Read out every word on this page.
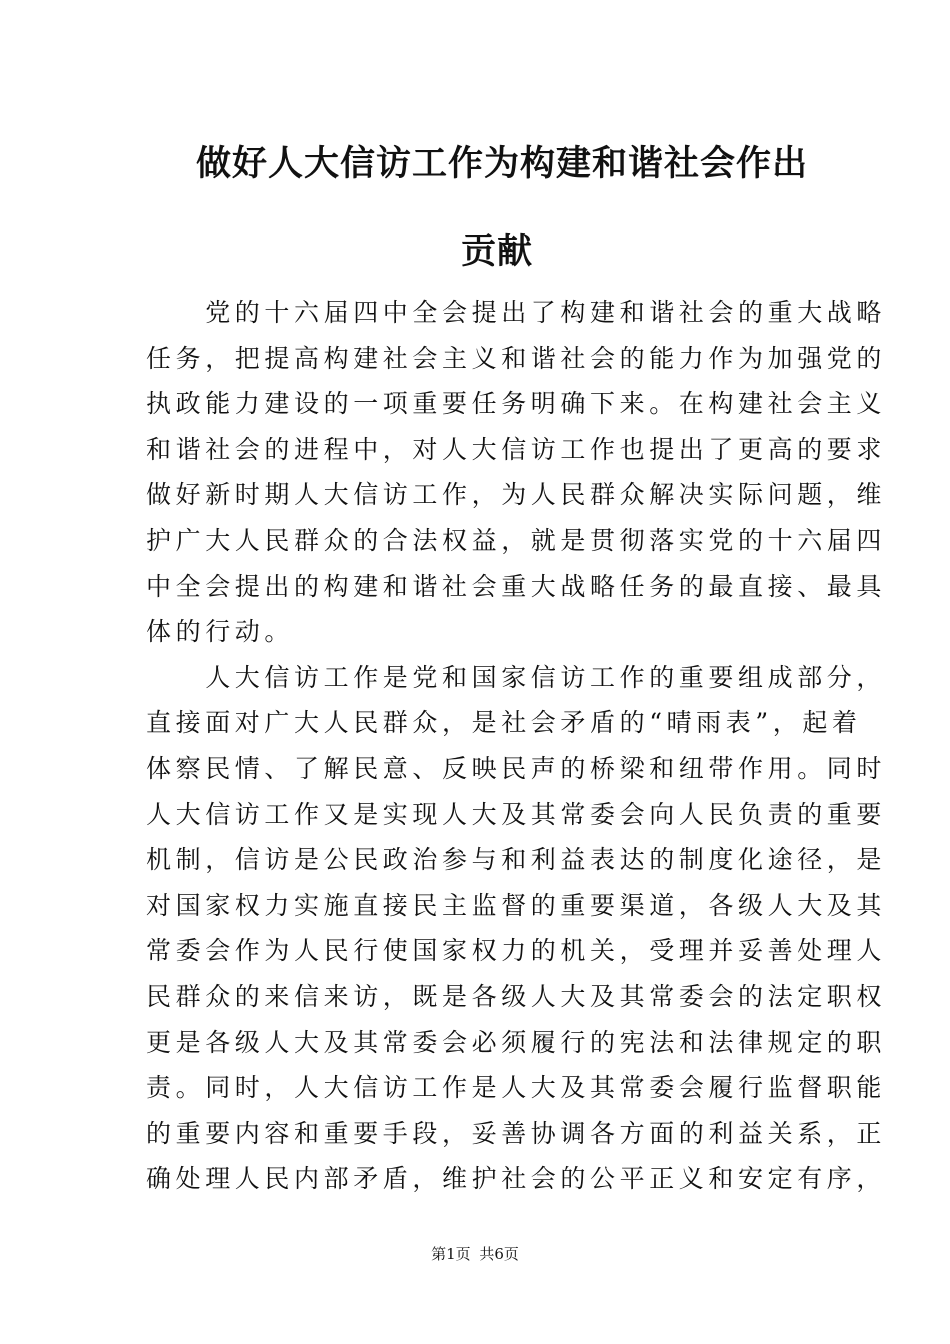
做好人大信访工作为构建和谐社会作出
贡献
　　党的十六届四中全会提出了构建和谐社会的重大战略
任务，把提高构建社会主义和谐社会的能力作为加强党的
执政能力建设的一项重要任务明确下来。在构建社会主义
和谐社会的进程中，对人大信访工作也提出了更高的要求
做好新时期人大信访工作，为人民群众解决实际问题，维
护广大人民群众的合法权益，就是贯彻落实党的十六届四
中全会提出的构建和谐社会重大战略任务的最直接、最具
体的行动。
　　人大信访工作是党和国家信访工作的重要组成部分，
直接面对广大人民群众，是社会矛盾的“晴雨表”，起着
体察民情、了解民意、反映民声的桥梁和纽带作用。同时
人大信访工作又是实现人大及其常委会向人民负责的重要
机制，信访是公民政治参与和利益表达的制度化途径，是
对国家权力实施直接民主监督的重要渠道，各级人大及其
常委会作为人民行使国家权力的机关，受理并妥善处理人
民群众的来信来访，既是各级人大及其常委会的法定职权
更是各级人大及其常委会必须履行的宪法和法律规定的职
责。同时，人大信访工作是人大及其常委会履行监督职能
的重要内容和重要手段，妥善协调各方面的利益关系，正
确处理人民内部矛盾，维护社会的公平正义和安定有序，
第1页 共6页
